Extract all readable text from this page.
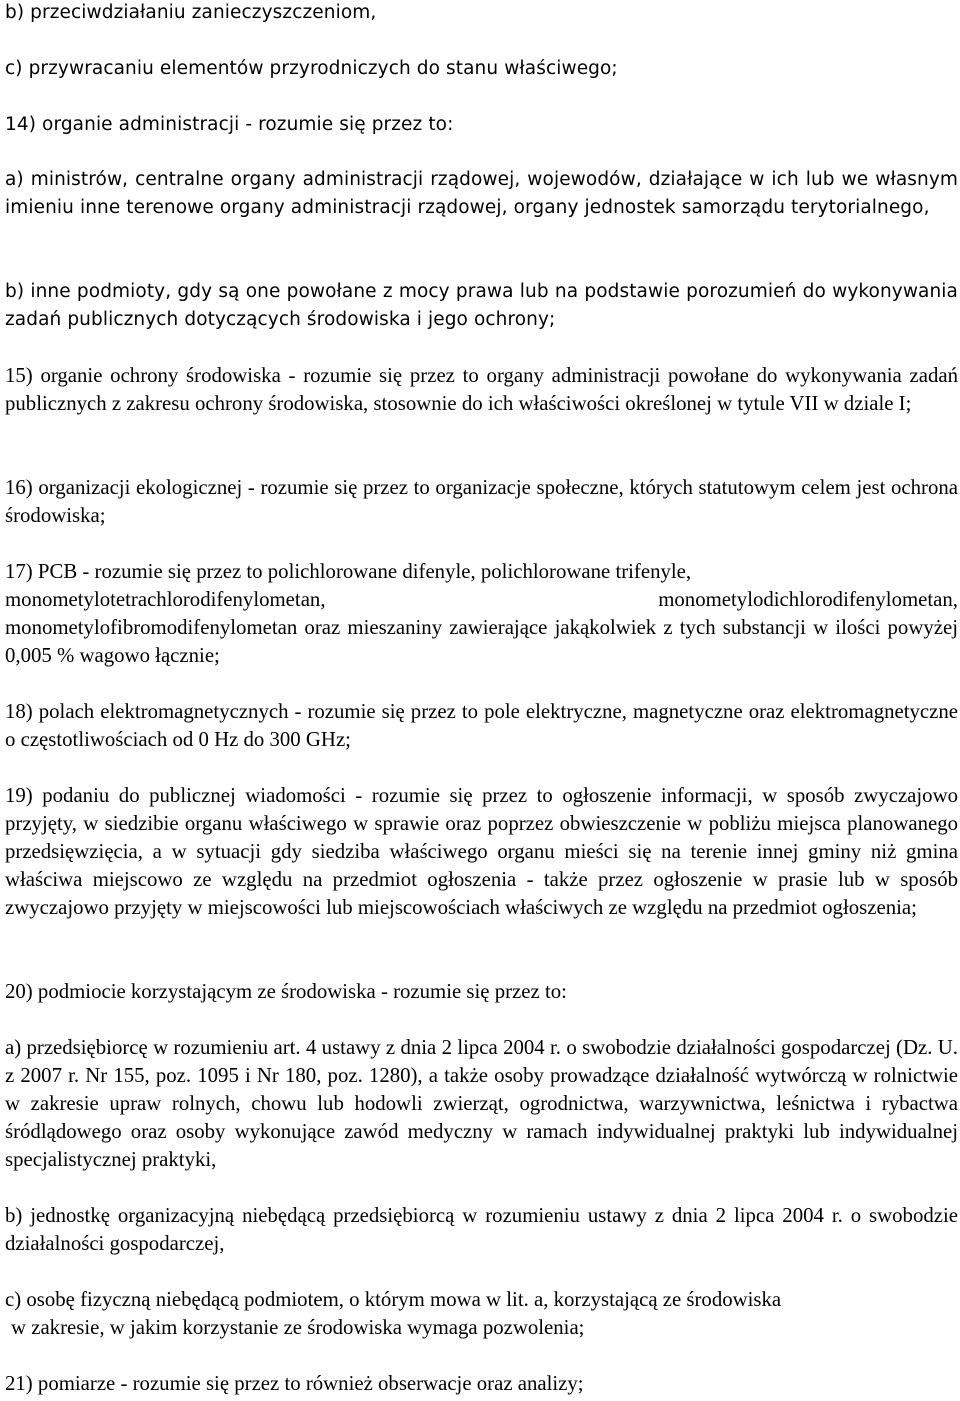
b) przeciwdziałaniu zanieczyszczeniom,

c) przywracaniu elementów przyrodniczych do stanu właściwego;

14) organie administracji - rozumie się przez to:

a) ministrów, centralne organy administracji rządowej, wojewodów, działające w ich lub we własnym imieniu inne terenowe organy administracji rządowej, organy jednostek samorządu terytorialnego,

b) inne podmioty, gdy są one powołane z mocy prawa lub na podstawie porozumień do wykonywania zadań publicznych dotyczących środowiska i jego ochrony;

15) organie ochrony środowiska - rozumie się przez to organy administracji powołane do wykonywania zadań publicznych z zakresu ochrony środowiska, stosownie do ich właściwości określonej w tytule VII w dziale I;

16) organizacji ekologicznej - rozumie się przez to organizacje społeczne, których statutowym celem jest ochrona środowiska;

17) PCB - rozumie się przez to polichlorowane difenyle, polichlorowane trifenyle,

monometylotetrachlorodifenylometan,	monometylodichlorodifenylometan,

monometylofibromodifenylometan oraz mieszaniny zawierające jakąkolwiek z tych substancji w ilości powyżej 0,005 % wagowo łącznie;

18) polach elektromagnetycznych - rozumie się przez to pole elektryczne, magnetyczne oraz elektromagnetyczne o częstotliwościach od 0 Hz do 300 GHz;

19) podaniu do publicznej wiadomości - rozumie się przez to ogłoszenie informacji, w sposób zwyczajowo przyjęty, w siedzibie organu właściwego w sprawie oraz poprzez obwieszczenie w pobliżu miejsca planowanego przedsięwzięcia, a w sytuacji gdy siedziba właściwego organu mieści się na terenie innej gminy niż gmina właściwa miejscowo ze względu na przedmiot ogłoszenia - także przez ogłoszenie w prasie lub w sposób zwyczajowo przyjęty w miejscowości lub miejscowościach właściwych ze względu na przedmiot ogłoszenia;

20) podmiocie korzystającym ze środowiska - rozumie się przez to:

a) przedsiębiorcę w rozumieniu art. 4 ustawy z dnia 2 lipca 2004 r. o swobodzie działalności gospodarczej (Dz. U. z 2007 r. Nr 155, poz. 1095 i Nr 180, poz. 1280), a także osoby prowadzące działalność wytwórczą w rolnictwie w zakresie upraw rolnych, chowu lub hodowli zwierząt, ogrodnictwa, warzywnictwa, leśnictwa i rybactwa śródlądowego oraz osoby wykonujące zawód medyczny w ramach indywidualnej praktyki lub indywidualnej specjalistycznej praktyki,

b) jednostkę organizacyjną niebędącą przedsiębiorcą w rozumieniu ustawy z dnia 2 lipca 2004 r. o swobodzie działalności gospodarczej,

c) osobę fizyczną niebędącą podmiotem, o którym mowa w lit. a, korzystającą ze środowiska

w zakresie, w jakim korzystanie ze środowiska wymaga pozwolenia;

21) pomiarze - rozumie się przez to również obserwacje oraz analizy;
